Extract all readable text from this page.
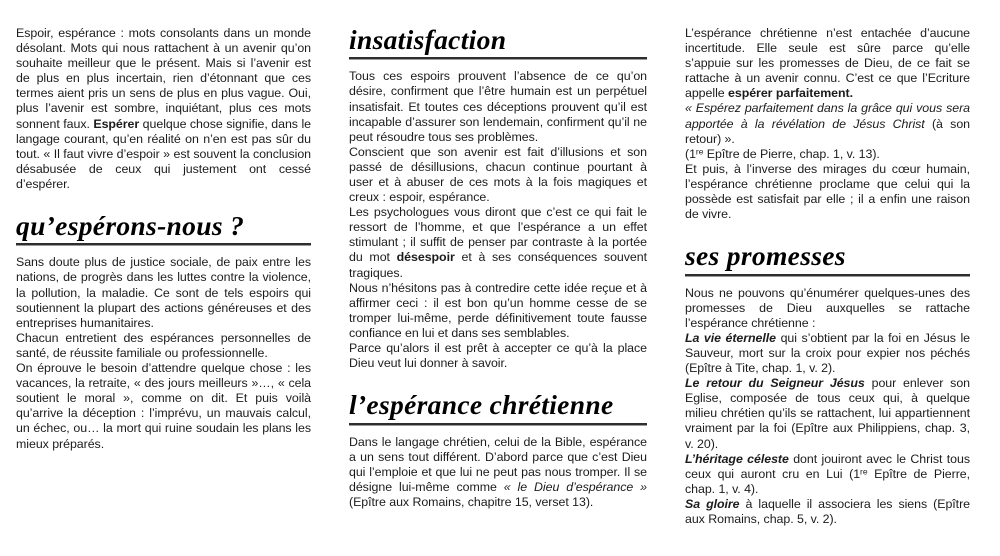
Espoir, espérance : mots consolants dans un monde désolant. Mots qui nous rattachent à un avenir qu’on souhaite meilleur que le présent. Mais si l’avenir est de plus en plus incertain, rien d’étonnant que ces termes aient pris un sens de plus en plus vague. Oui, plus l’avenir est sombre, inquiétant, plus ces mots sonnent faux. Espérer quelque chose signifie, dans le langage courant, qu’en réalité on n’en est pas sûr du tout. « Il faut vivre d’espoir » est souvent la conclusion désabusée de ceux qui justement ont cessé d’espérer.

qu’espérons-nous ?

Sans doute plus de justice sociale, de paix entre les nations, de progrès dans les luttes contre la violence, la pollution, la maladie. Ce sont de tels espoirs qui soutiennent la plupart des actions généreuses et des entreprises humanitaires.

Chacun entretient des espérances personnelles de santé, de réussite familiale ou professionnelle.

On éprouve le besoin d’attendre quelque chose : les vacances, la retraite, « des jours meilleurs »…, « cela soutient le moral », comme on dit. Et puis voilà qu’arrive la déception : l’imprévu, un mauvais calcul, un échec, ou… la mort qui ruine soudain les plans les mieux préparés.

insatisfaction

Tous ces espoirs prouvent l’absence de ce qu’on désire, confirment que l’être humain est un perpétuel insatisfait. Et toutes ces déceptions prouvent qu’il est incapable d’assurer son lendemain, confirment qu’il ne peut résoudre tous ses problèmes.

Conscient que son avenir est fait d’illusions et son passé de désillusions, chacun continue pourtant à user et à abuser de ces mots à la fois magiques et creux : espoir, espérance.

Les psychologues vous diront que c’est ce qui fait le ressort de l’homme, et que l’espérance a un effet stimulant ; il suffit de penser par contraste à la portée du mot désespoir et à ses conséquences souvent tragiques.

Nous n’hésitons pas à contredire cette idée reçue et à affirmer ceci : il est bon qu’un homme cesse de se tromper lui-même, perde définitivement toute fausse confiance en lui et dans ses semblables.

Parce qu’alors il est prêt à accepter ce qu’à la place Dieu veut lui donner à savoir.

l’espérance chrétienne

Dans le langage chrétien, celui de la Bible, espérance a un sens tout différent. D’abord parce que c’est Dieu qui l’emploie et que lui ne peut pas nous tromper. Il se désigne lui-même comme « le Dieu d’espérance » (Epître aux Romains, chapitre 15, verset 13).

L’espérance chrétienne n’est entachée d’aucune incertitude. Elle seule est sûre parce qu’elle s’appuie sur les promesses de Dieu, de ce fait se rattache à un avenir connu. C’est ce que l’Ecriture appelle espérer parfaitement.

« Espérez parfaitement dans la grâce qui vous sera apportée à la révélation de Jésus Christ (à son retour) ».

(1re Epître de Pierre, chap. 1, v. 13).

Et puis, à l’inverse des mirages du cœur humain, l’espérance chrétienne proclame que celui qui la possède est satisfait par elle ; il a enfin une raison de vivre.

ses promesses

Nous ne pouvons qu’énumérer quelques-unes des promesses de Dieu auxquelles se rattache l’espérance chrétienne :

La vie éternelle qui s’obtient par la foi en Jésus le Sauveur, mort sur la croix pour expier nos péchés (Epître à Tite, chap. 1, v. 2).

Le retour du Seigneur Jésus pour enlever son Eglise, composée de tous ceux qui, à quelque milieu chrétien qu’ils se rattachent, lui appartiennent vraiment par la foi (Epître aux Philippiens, chap. 3, v. 20).

L’héritage céleste dont jouiront avec le Christ tous ceux qui auront cru en Lui (1re Epître de Pierre, chap. 1, v. 4).

Sa gloire à laquelle il associera les siens (Epître aux Romains, chap. 5, v. 2).
